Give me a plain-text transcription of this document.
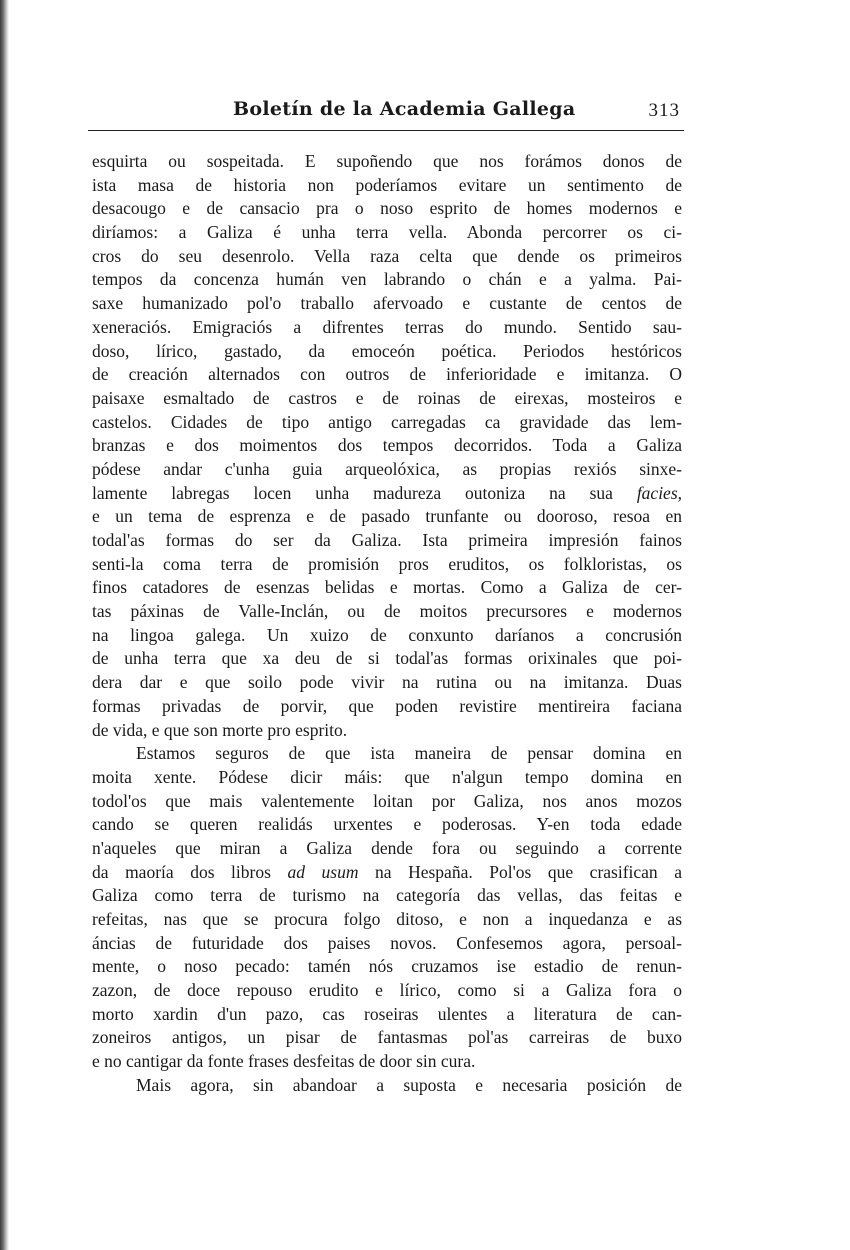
Boletín de la Academia Gallega	313
esquirta ou sospeitada. E supoñendo que nos forámos donos de
ista masa de historia non poderíamos evitare un sentimento de
desacougo e de cansacio pra o noso esprito de homes modernos e
diríamos: a Galiza é unha terra vella. Abonda percorrer os ci-
cros do seu desenrolo. Vella raza celta que dende os primeiros
tempos da concenza humán ven labrando o chán e a yalma. Pai-
saxe humanizado pol'o traballo afervoado e custante de centos de
xeneraciós. Emigraciós a difrentes terras do mundo. Sentido sau-
doso, lírico, gastado, da emoceón poética. Periodos hestóricos
de creación alternados con outros de inferioridade e imitanza. O
paisaxe esmaltado de castros e de roinas de eirexas, mosteiros e
castelos. Cidades de tipo antigo carregadas ca gravidade das lem-
branzas e dos moimentos dos tempos decorridos. Toda a Galiza
pódese andar c'unha guia arqueolóxica, as propias rexiós sinxe-
lamente labregas locen unha madureza outoniza na sua facies,
e un tema de esprenza e de pasado trunfante ou dooroso, resoa en
todal'as formas do ser da Galiza. Ista primeira impresión fainos
senti-la coma terra de promisión pros eruditos, os folkloristas, os
finos catadores de esenzas belidas e mortas. Como a Galiza de cer-
tas páxinas de Valle-Inclán, ou de moitos precursores e modernos
na lingoa galega. Un xuizo de conxunto daríanos a concrusión
de unha terra que xa deu de si todal'as formas orixinales que poi-
dera dar e que soilo pode vivir na rutina ou na imitanza. Duas
formas privadas de porvir, que poden revistire mentireira faciana
de vida, e que son morte pro esprito.
Estamos seguros de que ista maneira de pensar domina en
moita xente. Pódese dicir máis: que n'algun tempo domina en
todol'os que mais valentemente loitan por Galiza, nos anos mozos
cando se queren realidás urxentes e poderosas. Y-en toda edade
n'aqueles que miran a Galiza dende fora ou seguindo a corrente
da maoría dos libros ad usum na Hespaña. Pol'os que crasifican a
Galiza como terra de turismo na categoría das vellas, das feitas e
refeitas, nas que se procura folgo ditoso, e non a inquedanza e as
áncias de futuridade dos paises novos. Confesemos agora, persoal-
mente, o noso pecado: tamén nós cruzamos ise estadio de renun-
zazon, de doce repouso erudito e lírico, como si a Galiza fora o
morto xardin d'un pazo, cas roseiras ulentes a literatura de can-
zoneiros antigos, un pisar de fantasmas pol'as carreiras de buxo
e no cantigar da fonte frases desfeitas de door sin cura.
Mais agora, sin abandoar a suposta e necesaria posición de
